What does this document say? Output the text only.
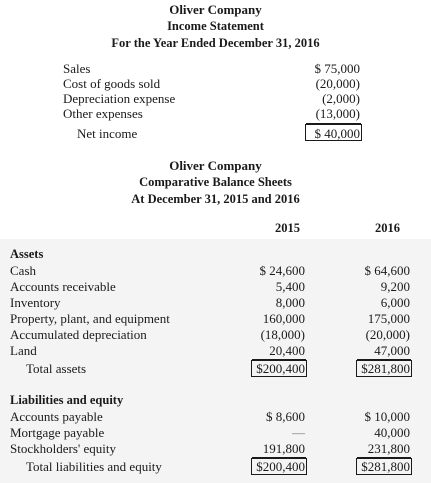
Oliver Company
Income Statement
For the Year Ended December 31, 2016
Sales	$ 75,000
Cost of goods sold	(20,000)
Depreciation expense	(2,000)
Other expenses	(13,000)
Net income	$ 40,000
Oliver Company
Comparative Balance Sheets
At December 31, 2015 and 2016
2015	2016
Assets
Cash	$ 24,600	$ 64,600
Accounts receivable	5,400	9,200
Inventory	8,000	6,000
Property, plant, and equipment	160,000	175,000
Accumulated depreciation	(18,000)	(20,000)
Land	20,400	47,000
Total assets	$200,400	$281,800
Liabilities and equity
Accounts payable	$ 8,600	$ 10,000
Mortgage payable	—	40,000
Stockholders' equity	191,800	231,800
Total liabilities and equity	$200,400	$281,800
